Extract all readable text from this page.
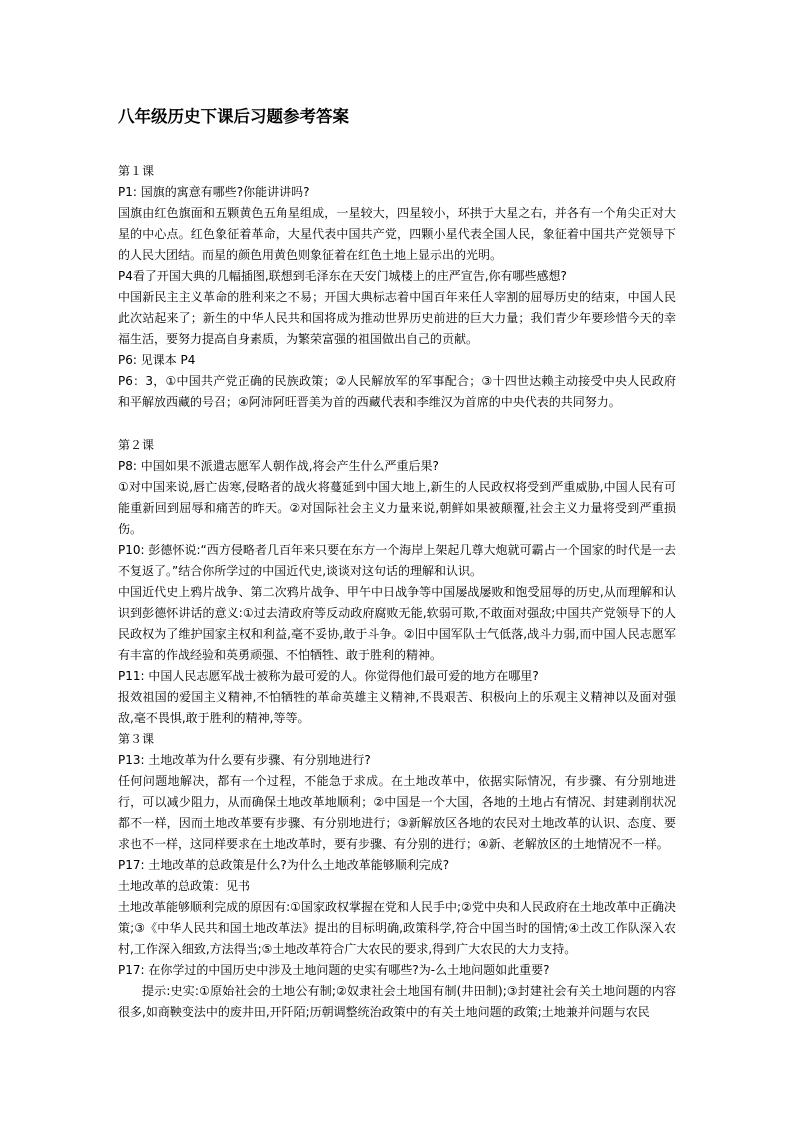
八年级历史下课后习题参考答案

第１课

P1: 国旗的寓意有哪些?你能讲讲吗?

国旗由红色旗面和五颗黄色五角星组成，一星较大，四星较小，环拱于大星之右，并各有一个角尖正对大星的中心点。红色象征着革命，大星代表中国共产党，四颗小星代表全国人民，象征着中国共产党领导下的人民大团结。而星的颜色用黄色则象征着在红色土地上显示出的光明。

P4看了开国大典的几幅插图,联想到毛泽东在天安门城楼上的庄严宣告,你有哪些感想?

中国新民主主义革命的胜利来之不易；开国大典标志着中国百年来任人宰割的屈辱历史的结束，中国人民此次站起来了；新生的中华人民共和国将成为推动世界历史前进的巨大力量；我们青少年要珍惜今天的幸福生活，要努力提高自身素质，为繁荣富强的祖国做出自己的贡献。

P6: 见课本 P4

P6：3，①中国共产党正确的民族政策；②人民解放军的军事配合；③十四世达赖主动接受中央人民政府和平解放西藏的号召；④阿沛阿旺晋美为首的西藏代表和李维汉为首席的中央代表的共同努力。

第２课

P8: 中国如果不派遣志愿军人朝作战,将会产生什么严重后果?

①对中国来说,唇亡齿寒,侵略者的战火将蔓延到中国大地上,新生的人民政权将受到严重威胁,中国人民有可能重新回到屈辱和痛苦的昨天。②对国际社会主义力量来说,朝鲜如果被颠覆,社会主义力量将受到严重损伤。

P10: 彭德怀说:“西方侵略者几百年来只要在东方一个海岸上架起几尊大炮就可霸占一个国家的时代是一去不复返了。”结合你所学过的中国近代史,谈谈对这句话的理解和认识。

中国近代史上鸦片战争、第二次鸦片战争、甲午中日战争等中国屡战屡败和饱受屈辱的历史,从而理解和认识到彭德怀讲话的意义:①过去清政府等反动政府腐败无能,软弱可欺,不敢面对强敌;中国共产党领导下的人民政权为了维护国家主权和利益,毫不妥协,敢于斗争。②旧中国军队士气低落,战斗力弱,而中国人民志愿军有丰富的作战经验和英勇顽强、不怕牺牲、敢于胜利的精神。

P11: 中国人民志愿军战士被称为最可爱的人。你觉得他们最可爱的地方在哪里?

报效祖国的爱国主义精神,不怕牺牲的革命英雄主义精神,不畏艰苦、积极向上的乐观主义精神以及面对强敌,毫不畏惧,敢于胜利的精神,等等。

第３课

P13: 土地改革为什么要有步骤、有分别地进行?

任何问题地解决，都有一个过程，不能急于求成。在土地改革中，依据实际情况，有步骤、有分别地进行，可以减少阻力，从而确保土地改革地顺利；②中国是一个大国，各地的土地占有情况、封建剥削状况都不一样，因而土地改革要有步骤、有分别地进行；③新解放区各地的农民对土地改革的认识、态度、要求也不一样，这同样要求在土地改革时，要有步骤、有分别的进行；④新、老解放区的土地情况不一样。

P17: 土地改革的总政策是什么?为什么土地改革能够顺利完成?

土地改革的总政策：见书

土地改革能够顺利完成的原因有:①国家政权掌握在党和人民手中;②党中央和人民政府在土地改革中正确决策;③《中华人民共和国土地改革法》提出的目标明确,政策科学,符合中国当时的国情;④土改工作队深入农村,工作深入细致,方法得当;⑤土地改革符合广大农民的要求,得到广大农民的大力支持。

P17: 在你学过的中国历史中涉及土地问题的史实有哪些?为-么土地问题如此重要?

提示:史实:①原始社会的土地公有制;②奴隶社会土地国有制(井田制);③封建社会有关土地问题的内容很多,如商鞅变法中的废井田,开阡陌;历朝调整统治政策中的有关土地问题的政策;土地兼并问题与农民
